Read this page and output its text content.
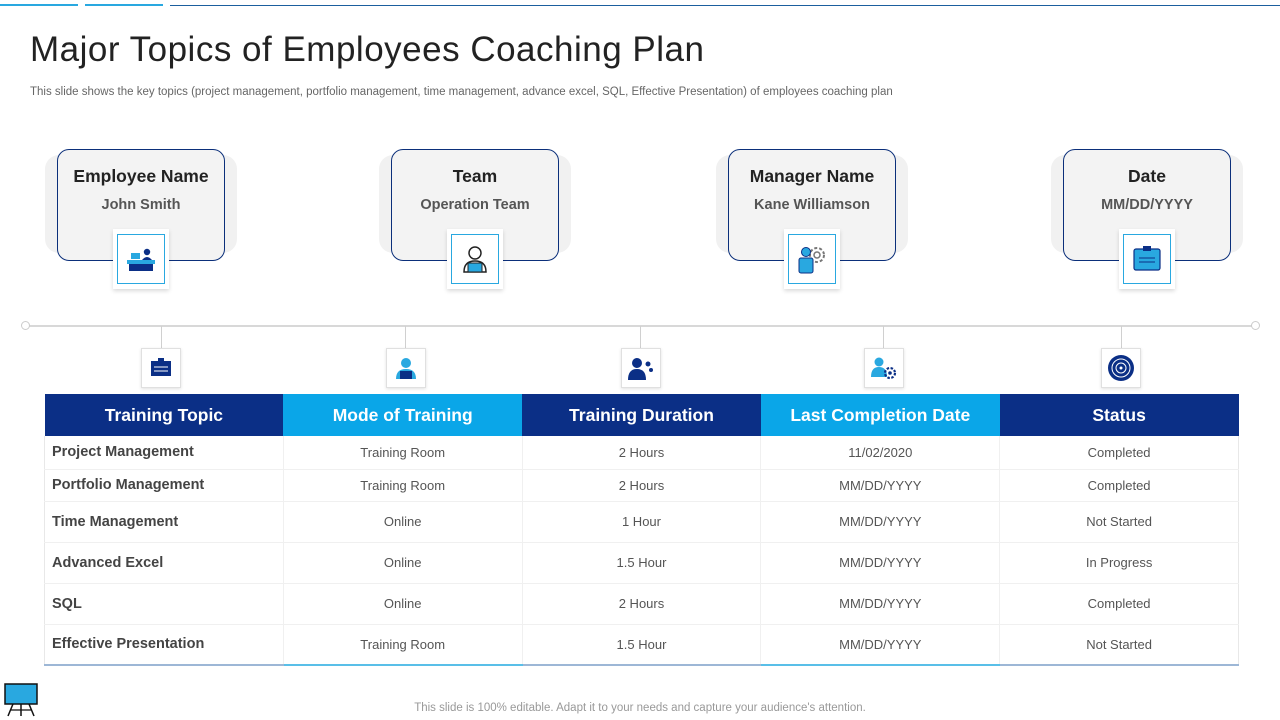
Major Topics of Employees Coaching Plan

This slide shows the key topics (project management, portfolio management, time management, advance excel, SQL, Effective Presentation) of employees coaching plan

Employee Name
John Smith
Team
Operation Team
Manager Name
Kane Williamson
Date
MM/DD/YYYY
Training Topic	Mode of Training	Training Duration	Last Completion Date	Status
Project Management	Training Room	2 Hours	11/02/2020	Completed
Portfolio Management	Training Room	2 Hours	MM/DD/YYYY	Completed
Time Management	Online	1 Hour	MM/DD/YYYY	Not Started
Advanced Excel	Online	1.5 Hour	MM/DD/YYYY	In Progress
SQL	Online	2 Hours	MM/DD/YYYY	Completed
Effective Presentation	Training Room	1.5 Hour	MM/DD/YYYY	Not Started
This slide is 100% editable. Adapt it to your needs and capture your audience's attention.
